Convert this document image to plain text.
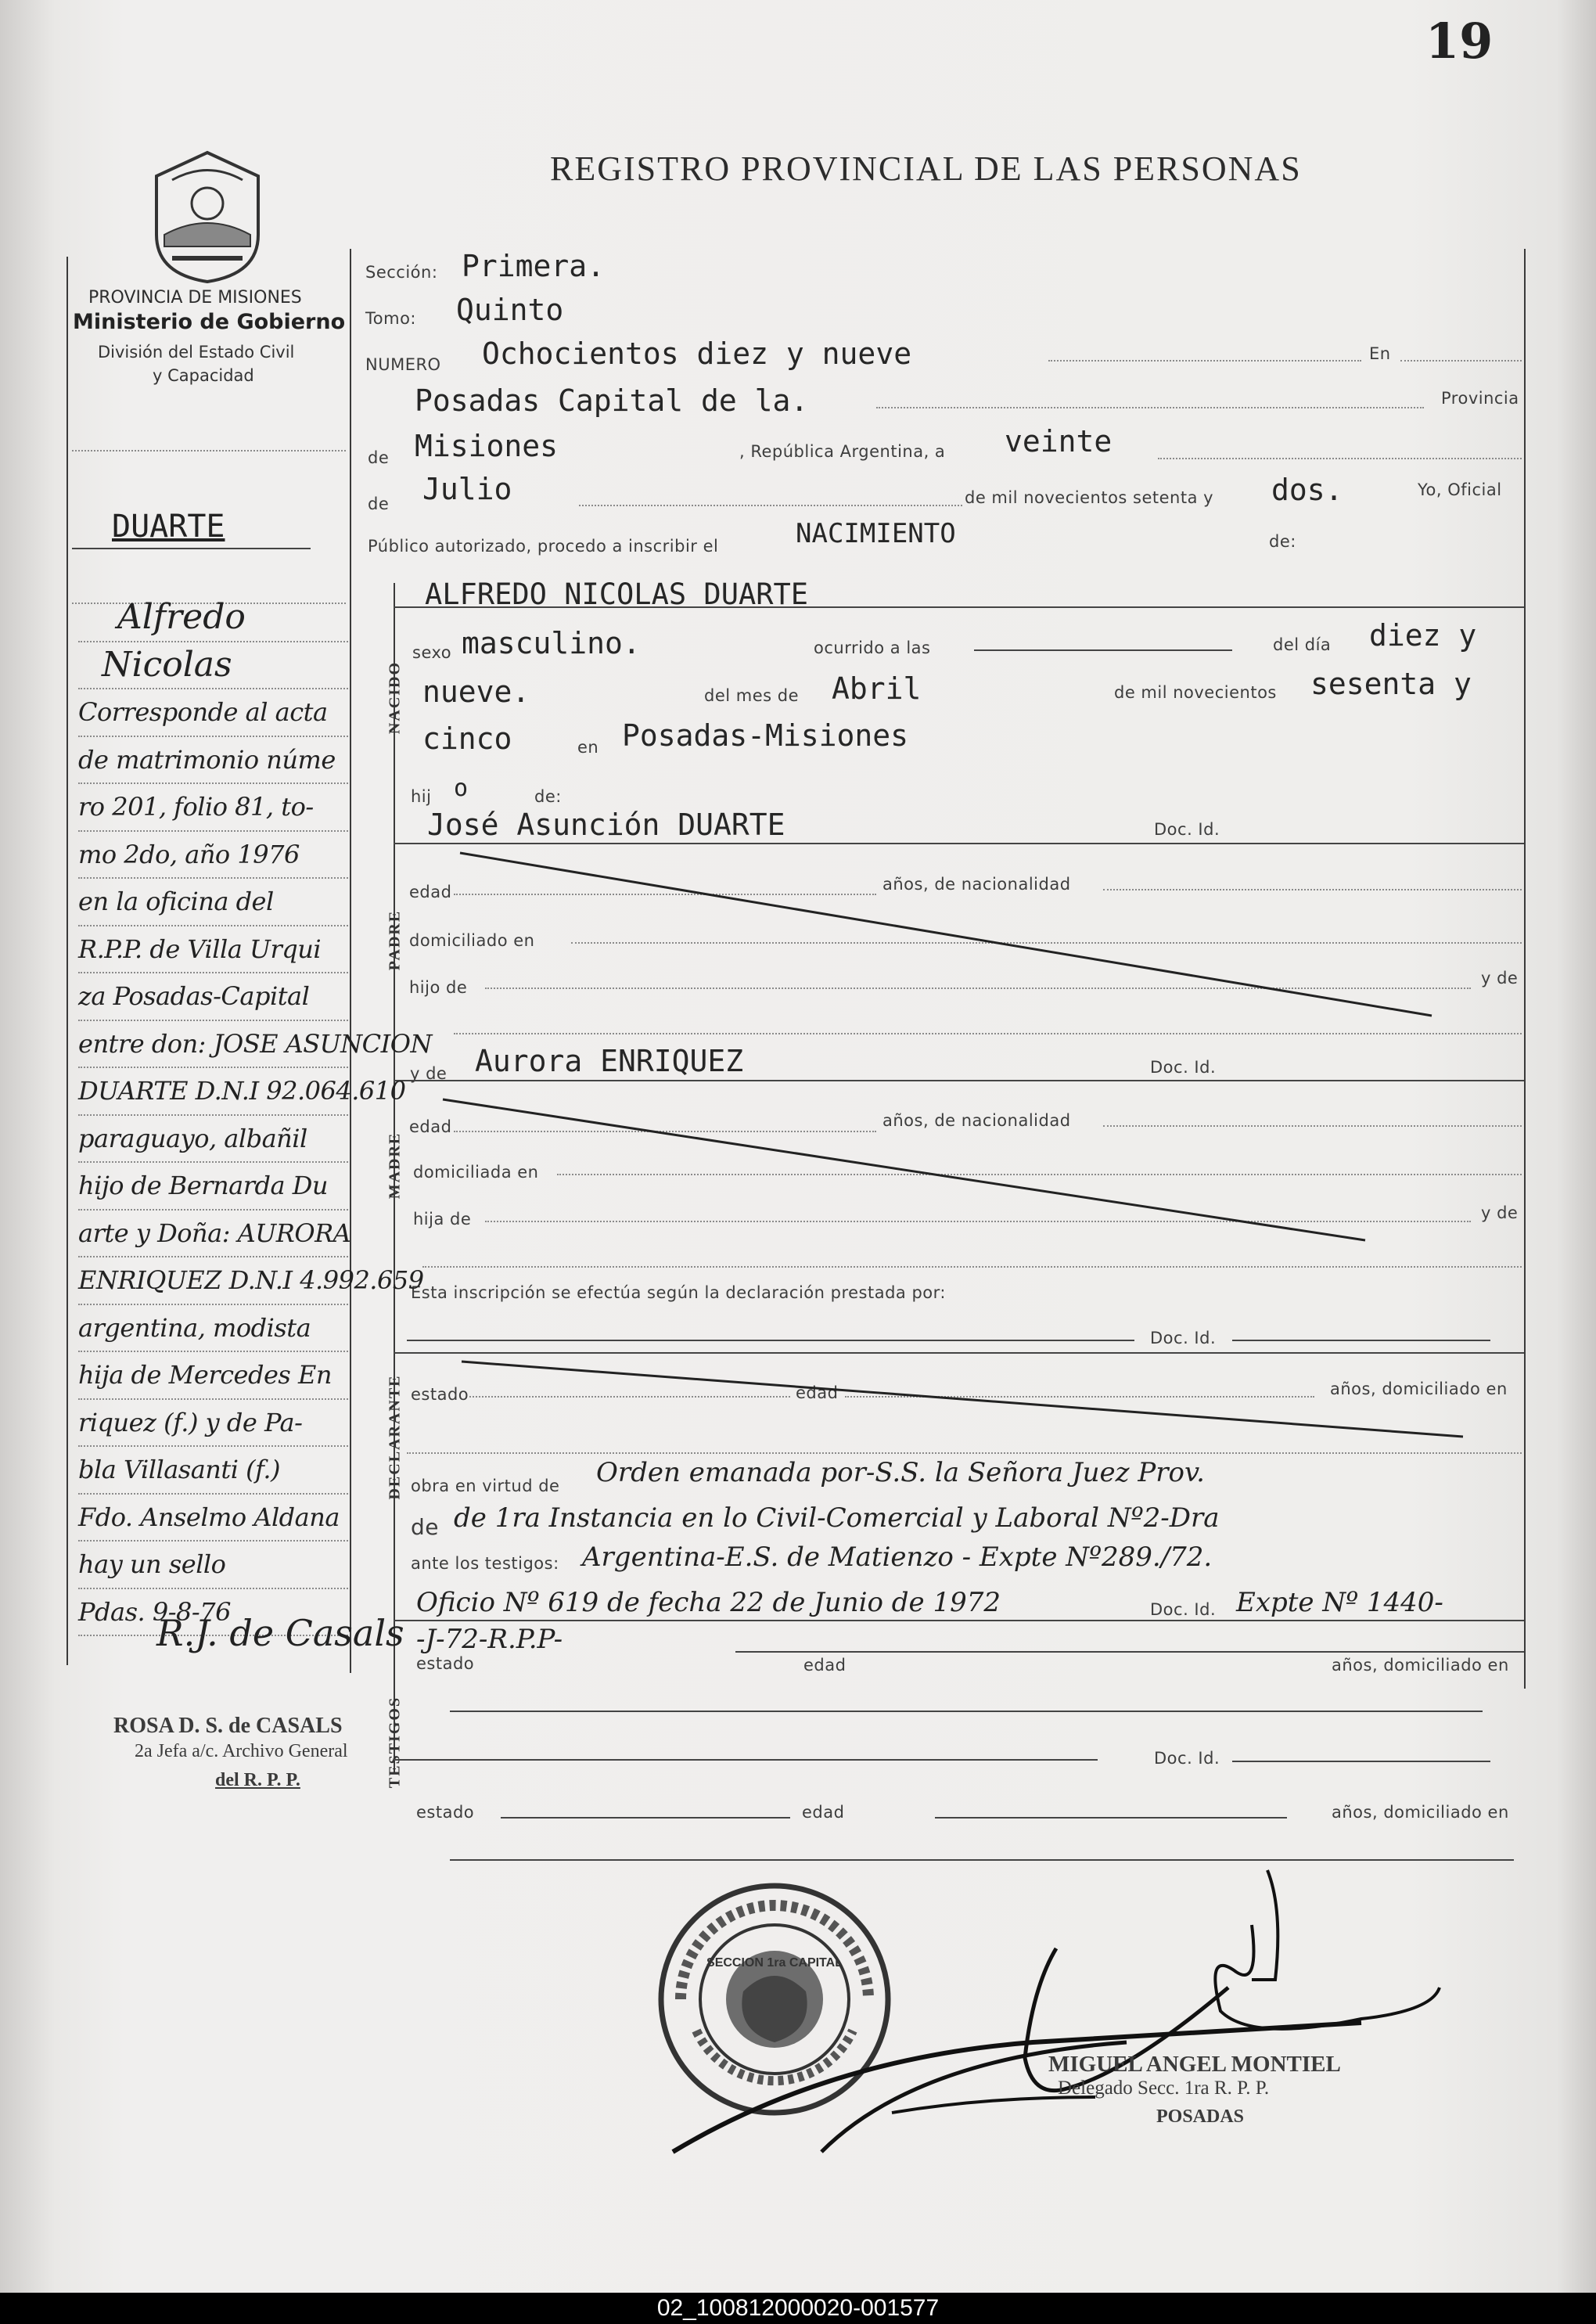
19
REGISTRO PROVINCIAL DE LAS PERSONAS
PROVINCIA DE MISIONES
Ministerio de Gobierno
División del Estado Civil
y Capacidad
NACIDO
PADRE
MADRE
DECLARANTE
TESTIGOS
Sección: Primera.
Tomo: Quinto
NUMERO Ochocientos diez y nueve	En
Posadas Capital de la.	Provincia
de Misiones	, República Argentina, a veinte
de Julio	de mil novecientos setenta y dos.	Yo, Oficial
Público autorizado, procedo a inscribir el	NACIMIENTO	de:
ALFREDO NICOLAS DUARTE
sexo masculino.	ocurrido a las	del día diez y
nueve.	del mes de Abril	de mil novecientos sesenta y
cinco	en Posadas-Misiones
hij o	de:
José Asunción DUARTE	Doc. Id.
edad	años, de nacionalidad
domiciliado en
hijo de	y de
y de Aurora ENRIQUEZ	Doc. Id.
edad	años, de nacionalidad
domiciliada en
hija de	y de
Esta inscripción se efectúa según la declaración prestada por:
Doc. Id.
estado	edad	años, domiciliado en
obra en virtud de Orden emanada por-S.S. la Señora Juez Prov.
de de 1ra Instancia en lo Civil-Comercial y Laboral Nº2-Dra
ante los testigos: Argentina-E.S. de Matienzo - Expte Nº289./72.
Oficio Nº 619 de fecha 22 de Junio de 1972	Doc. Id. Expte Nº 1440-
-J-72-R.P.P-
estado	edad	años, domiciliado en
Doc. Id.
estado	edad	años, domiciliado en
DUARTE
Alfredo
Nicolas
Corresponde al acta
de matrimonio núme
ro 201, folio 81, to-
mo 2do, año 1976
en la oficina del
R.P.P. de Villa Urqui
za Posadas-Capital
entre don: JOSE ASUNCION
DUARTE D.N.I 92.064.610
paraguayo, albañil
hijo de Bernarda Du
arte y Doña: AURORA
ENRIQUEZ D.N.I 4.992.659
argentina, modista
hija de Mercedes En
riquez (f.) y de Pa-
bla Villasanti (f.)
Fdo. Anselmo Aldana
hay un sello
Pdas. 9-8-76
R.J. de Casals
ROSA D. S. de CASALS
2a Jefa a/c. Archivo General
del R. P. P.
SECCION 1ra CAPITAL
MIGUEL ANGEL MONTIEL
Delegado Secc. 1ra R. P. P.
POSADAS
02_100812000020-001577
